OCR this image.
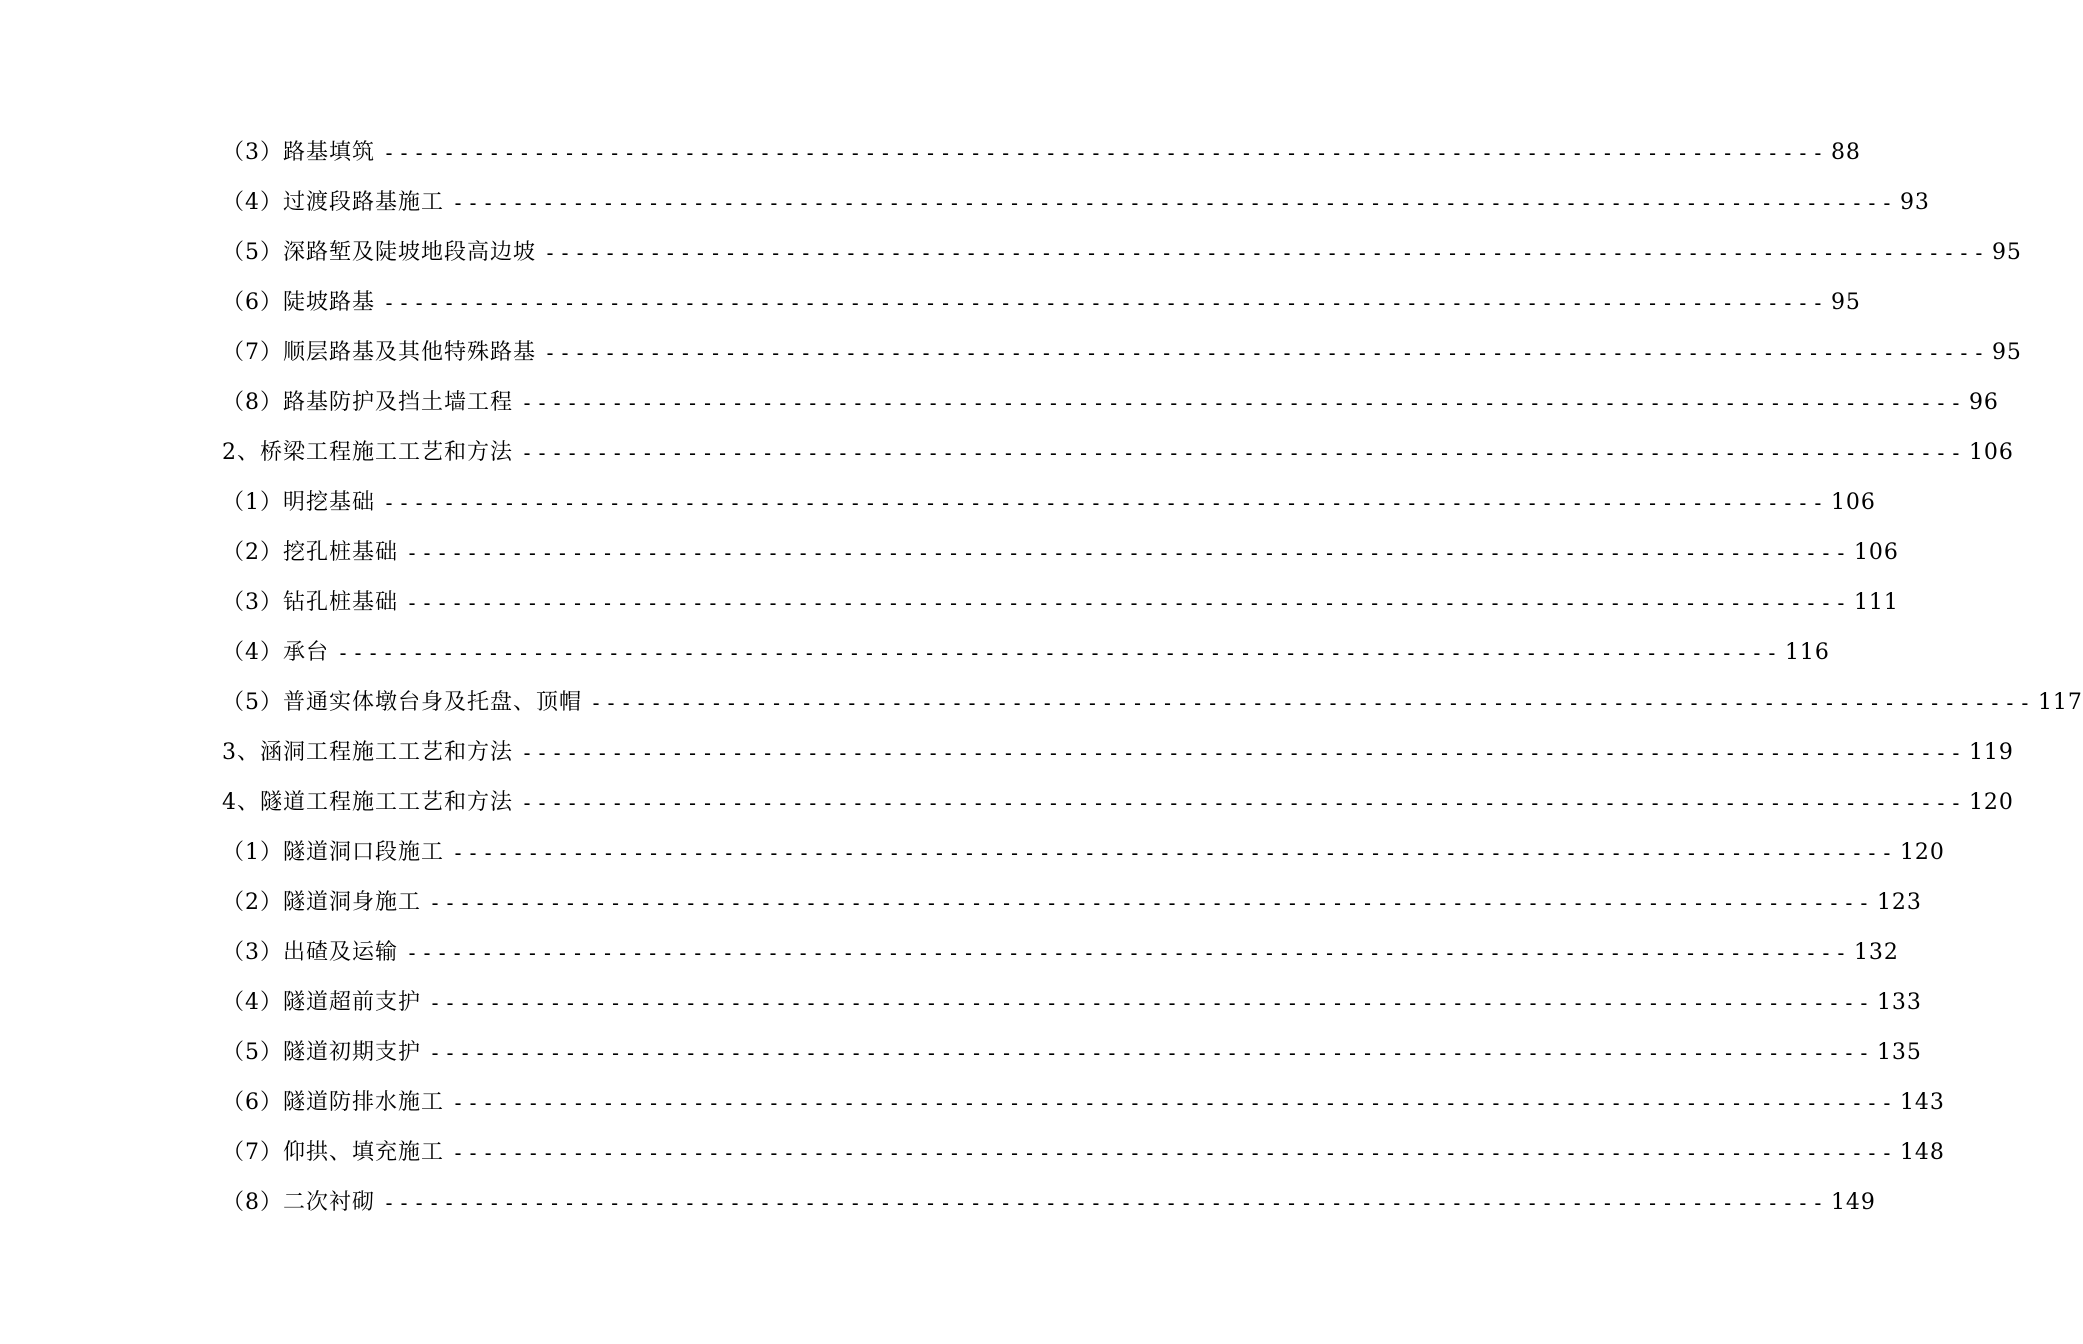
（3）路基填筑 ------------------------------------------------------------------------------------------------ 88
（4）过渡段路基施工 ------------------------------------------------------------------------------------------------ 93
（5）深路堑及陡坡地段高边坡 ------------------------------------------------------------------------------------------------ 95
（6）陡坡路基 ------------------------------------------------------------------------------------------------ 95
（7）顺层路基及其他特殊路基 ------------------------------------------------------------------------------------------------ 95
（8）路基防护及挡土墙工程 ------------------------------------------------------------------------------------------------ 96
2、桥梁工程施工工艺和方法 ------------------------------------------------------------------------------------------------ 106
（1）明挖基础 ------------------------------------------------------------------------------------------------ 106
（2）挖孔桩基础 ------------------------------------------------------------------------------------------------ 106
（3）钻孔桩基础 ------------------------------------------------------------------------------------------------ 111
（4）承台 ------------------------------------------------------------------------------------------------ 116
（5）普通实体墩台身及托盘、顶帽 ------------------------------------------------------------------------------------------------ 117
3、涵洞工程施工工艺和方法 ------------------------------------------------------------------------------------------------ 119
4、隧道工程施工工艺和方法 ------------------------------------------------------------------------------------------------ 120
（1）隧道洞口段施工 ------------------------------------------------------------------------------------------------ 120
（2）隧道洞身施工 ------------------------------------------------------------------------------------------------ 123
（3）出碴及运输 ------------------------------------------------------------------------------------------------ 132
（4）隧道超前支护 ------------------------------------------------------------------------------------------------ 133
（5）隧道初期支护 ------------------------------------------------------------------------------------------------ 135
（6）隧道防排水施工 ------------------------------------------------------------------------------------------------ 143
（7）仰拱、填充施工 ------------------------------------------------------------------------------------------------ 148
（8）二次衬砌 ------------------------------------------------------------------------------------------------ 149
